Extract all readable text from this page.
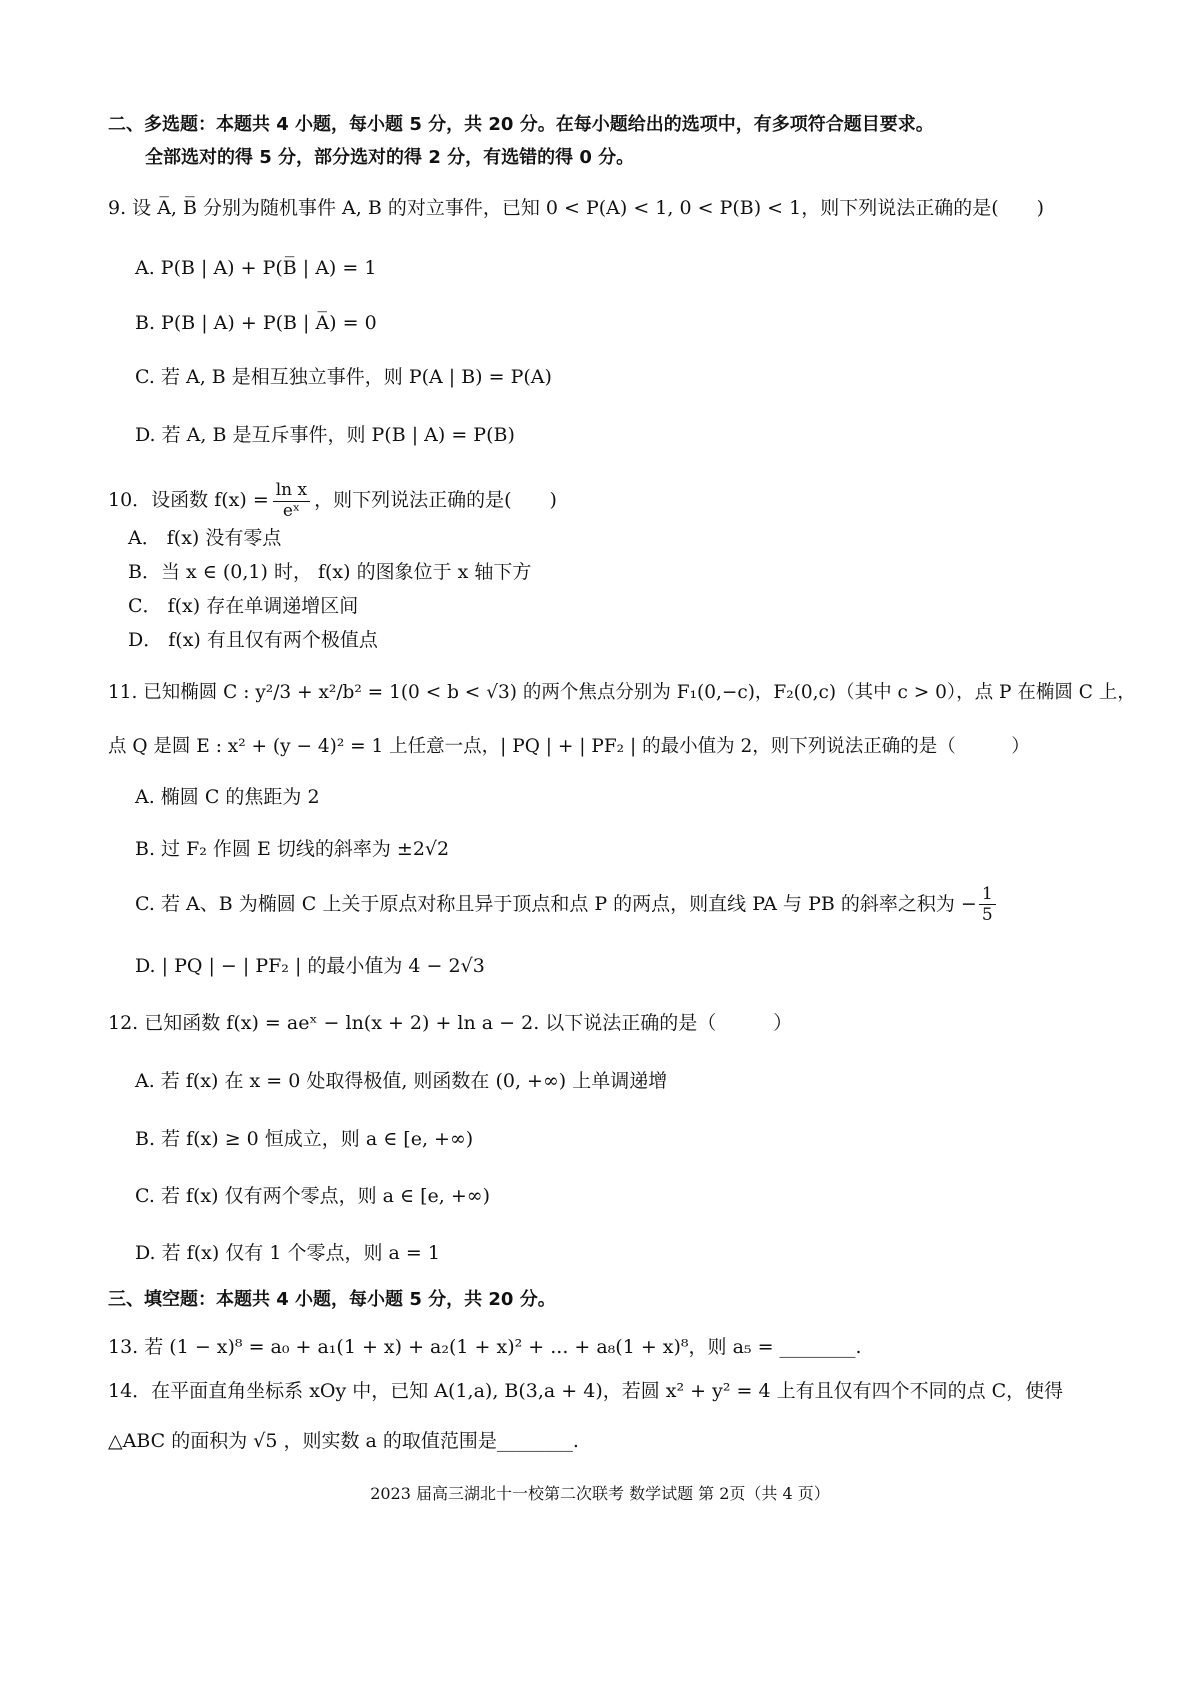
二、多选题：本题共 4 小题，每小题 5 分，共 20 分。在每小题给出的选项中，有多项符合题目要求。
全部选对的得 5 分，部分选对的得 2 分，有选错的得 0 分。
9. 设 A̅, B̅ 分别为随机事件 A, B 的对立事件，已知 0 < P(A) < 1, 0 < P(B) < 1，则下列说法正确的是(　　)
A. P(B | A) + P(B̅ | A) = 1
B. P(B | A) + P(B | A̅) = 0
C. 若 A, B 是相互独立事件，则 P(A | B) = P(A)
D. 若 A, B 是互斥事件，则 P(B | A) = P(B)
10．设函数 $f(x) = \frac{\text{ln x}}{\text{eˣ}}$ ，则下列说法正确的是(　　)
A． f(x) 没有零点
B．当 x ∈ (0,1) 时， f(x) 的图象位于 x 轴下方
C． f(x) 存在单调递增区间
D． f(x) 有且仅有两个极值点
11. 已知椭圆 C : y²/3 + x²/b² = 1(0 < b < √3) 的两个焦点分别为 F₁(0,−c)，F₂(0,c)（其中 c > 0），点 P 在椭圆 C 上，
点 Q 是圆 E : x² + (y − 4)² = 1 上任意一点，| PQ | + | PF₂ | 的最小值为 2，则下列说法正确的是（　　　）
A. 椭圆 C 的焦距为 2
B. 过 F₂ 作圆 E 切线的斜率为 ±2√2
C. 若 A、B 为椭圆 C 上关于原点对称且异于顶点和点 P 的两点，则直线 PA 与 PB 的斜率之积为 − $\frac{1}{5}$
D. | PQ | − | PF₂ | 的最小值为 4 − 2√3
12. 已知函数 f(x) = aeˣ − ln(x + 2) + ln a − 2. 以下说法正确的是（　　　）
A. 若 f(x) 在 x = 0 处取得极值, 则函数在 (0, +∞) 上单调递增
B. 若 f(x) ≥ 0 恒成立，则 a ∈ [e, +∞)
C. 若 f(x) 仅有两个零点，则 a ∈ [e, +∞)
D. 若 f(x) 仅有 1 个零点，则 a = 1
三、填空题：本题共 4 小题，每小题 5 分，共 20 分。
13. 若 (1 − x)⁸ = a₀ + a₁(1 + x) + a₂(1 + x)² + ... + a₈(1 + x)⁸，则 a₅ = ________.
14．在平面直角坐标系 xOy 中，已知 A(1,a), B(3,a + 4)，若圆 x² + y² = 4 上有且仅有四个不同的点 C，使得
△ABC 的面积为 √5 ，则实数 a 的取值范围是________.
2023 届高三湖北十一校第二次联考 数学试题 第 2页（共 4 页）
